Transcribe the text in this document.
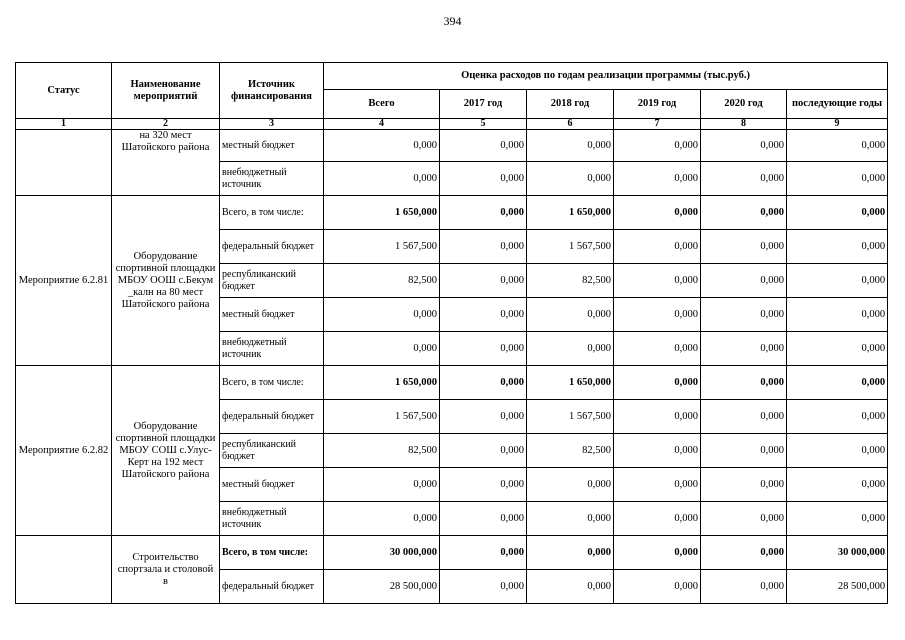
394
Статус	Наименование мероприятий	Источник финансирования	Оценка расходов по годам реализации программы (тыс.руб.)					
			Всего	2017 год	2018 год	2019 год	2020 год	последующие годы
1	2	3	4	5	6	7	8	9
	на 320 мест Шатойского района	местный бюджет	0,000	0,000	0,000	0,000	0,000	0,000
		внебюджетный источник	0,000	0,000	0,000	0,000	0,000	0,000
Мероприятие 6.2.81	Оборудование спортивной площадки МБОУ ООШ с.Бекум _калн на 80 мест Шатойского района	Всего, в том числе:	1 650,000	0,000	1 650,000	0,000	0,000	0,000
		федеральный бюджет	1 567,500	0,000	1 567,500	0,000	0,000	0,000
		республиканский бюджет	82,500	0,000	82,500	0,000	0,000	0,000
		местный бюджет	0,000	0,000	0,000	0,000	0,000	0,000
		внебюджетный источник	0,000	0,000	0,000	0,000	0,000	0,000
Мероприятие 6.2.82	Оборудование спортивной площадки МБОУ СОШ с.Улус-Керт на 192 мест Шатойского района	Всего, в том числе:	1 650,000	0,000	1 650,000	0,000	0,000	0,000
		федеральный бюджет	1 567,500	0,000	1 567,500	0,000	0,000	0,000
		республиканский бюджет	82,500	0,000	82,500	0,000	0,000	0,000
		местный бюджет	0,000	0,000	0,000	0,000	0,000	0,000
		внебюджетный источник	0,000	0,000	0,000	0,000	0,000	0,000
	Строительство спортзала и столовой в	Всего, в том числе:	30 000,000	0,000	0,000	0,000	0,000	30 000,000
		федеральный бюджет	28 500,000	0,000	0,000	0,000	0,000	28 500,000
